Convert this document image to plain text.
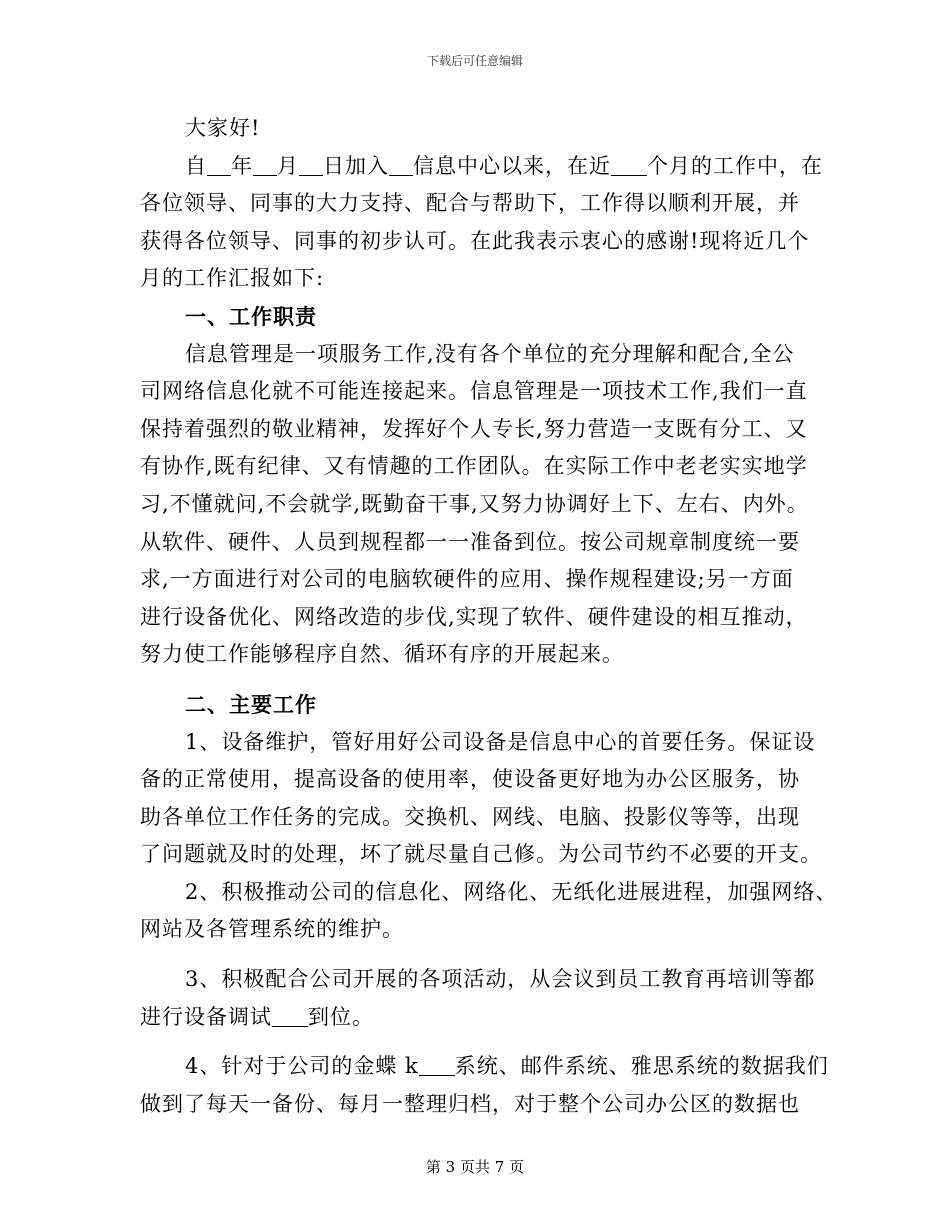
下载后可任意编辑
大家好!
自 年 月 日加入 信息中心以来，在近 个月的工作中，在
各位领导、同事的大力支持、配合与帮助下，工作得以顺利开展，并
获得各位领导、同事的初步认可。在此我表示衷心的感谢!现将近几个
月的工作汇报如下:
一、工作职责
信息管理是一项服务工作,没有各个单位的充分理解和配合,全公
司网络信息化就不可能连接起来。信息管理是一项技术工作,我们一直
保持着强烈的敬业精神，发挥好个人专长,努力营造一支既有分工、又
有协作,既有纪律、又有情趣的工作团队。在实际工作中老老实实地学
习,不懂就问,不会就学,既勤奋干事,又努力协调好上下、左右、内外。
从软件、硬件、人员到规程都一一准备到位。按公司规章制度统一要
求,一方面进行对公司的电脑软硬件的应用、操作规程建设;另一方面
进行设备优化、网络改造的步伐,实现了软件、硬件建设的相互推动，
努力使工作能够程序自然、循环有序的开展起来。
二、主要工作
1、设备维护，管好用好公司设备是信息中心的首要任务。保证设
备的正常使用，提高设备的使用率，使设备更好地为办公区服务，协
助各单位工作任务的完成。交换机、网线、电脑、投影仪等等，出现
了问题就及时的处理，坏了就尽量自己修。为公司节约不必要的开支。
2、积极推动公司的信息化、网络化、无纸化进展进程，加强网络、
网站及各管理系统的维护。
3、积极配合公司开展的各项活动，从会议到员工教育再培训等都
进行设备调试 到位。
4、针对于公司的金蝶 k 系统、邮件系统、雅思系统的数据我们
做到了每天一备份、每月一整理归档，对于整个公司办公区的数据也
第 3 页共 7 页
